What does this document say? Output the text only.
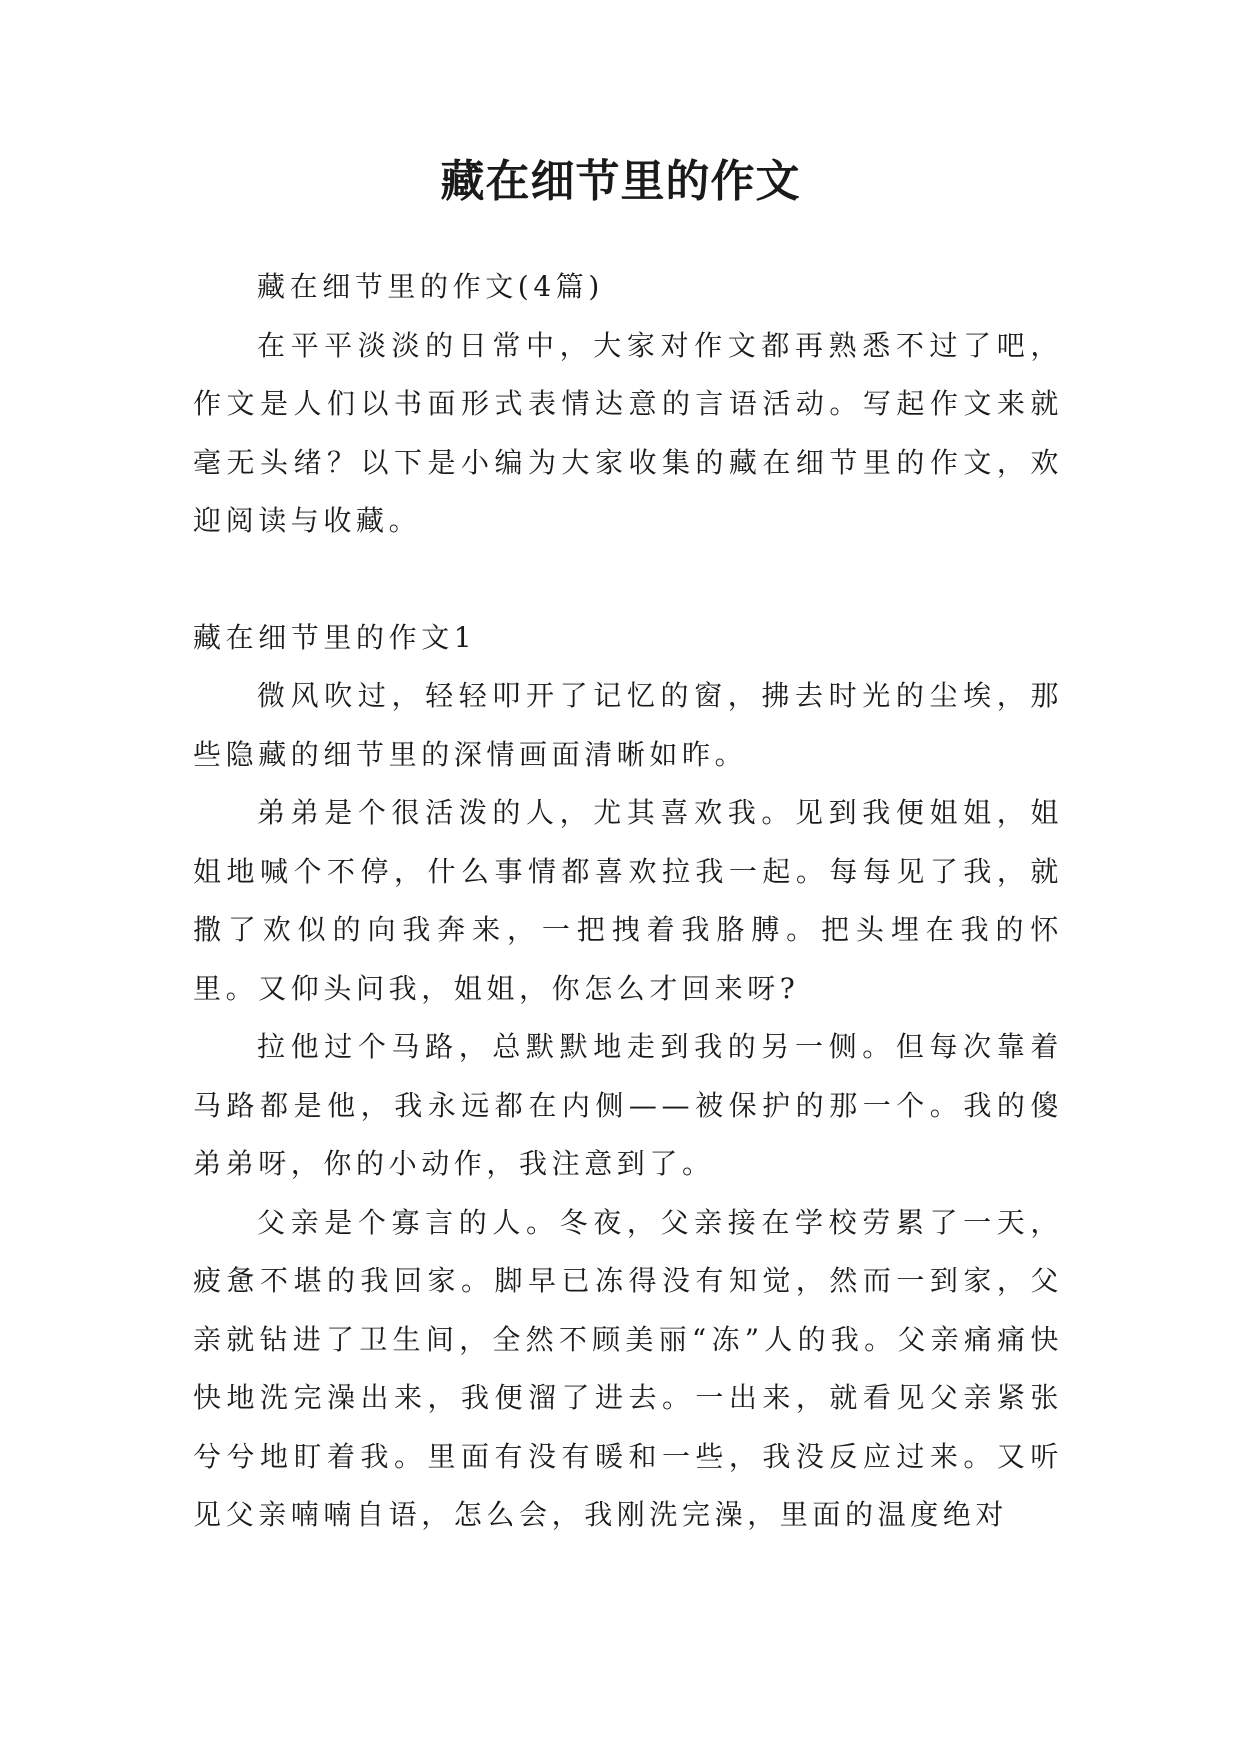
藏在细节里的作文

藏在细节里的作文(4篇)

在平平淡淡的日常中，大家对作文都再熟悉不过了吧，作文是人们以书面形式表情达意的言语活动。写起作文来就毫无头绪？以下是小编为大家收集的藏在细节里的作文，欢迎阅读与收藏。

藏在细节里的作文1

微风吹过，轻轻叩开了记忆的窗，拂去时光的尘埃，那些隐藏的细节里的深情画面清晰如昨。

弟弟是个很活泼的人，尤其喜欢我。见到我便姐姐，姐姐地喊个不停，什么事情都喜欢拉我一起。每每见了我，就撒了欢似的向我奔来，一把拽着我胳膊。把头埋在我的怀里。又仰头问我，姐姐，你怎么才回来呀?

拉他过个马路，总默默地走到我的另一侧。但每次靠着马路都是他，我永远都在内侧——被保护的那一个。我的傻弟弟呀，你的小动作，我注意到了。

父亲是个寡言的人。冬夜，父亲接在学校劳累了一天，疲惫不堪的我回家。脚早已冻得没有知觉，然而一到家，父亲就钻进了卫生间，全然不顾美丽“冻”人的我。父亲痛痛快快地洗完澡出来，我便溜了进去。一出来，就看见父亲紧张兮兮地盯着我。里面有没有暖和一些，我没反应过来。又听见父亲喃喃自语，怎么会，我刚洗完澡，里面的温度绝对
